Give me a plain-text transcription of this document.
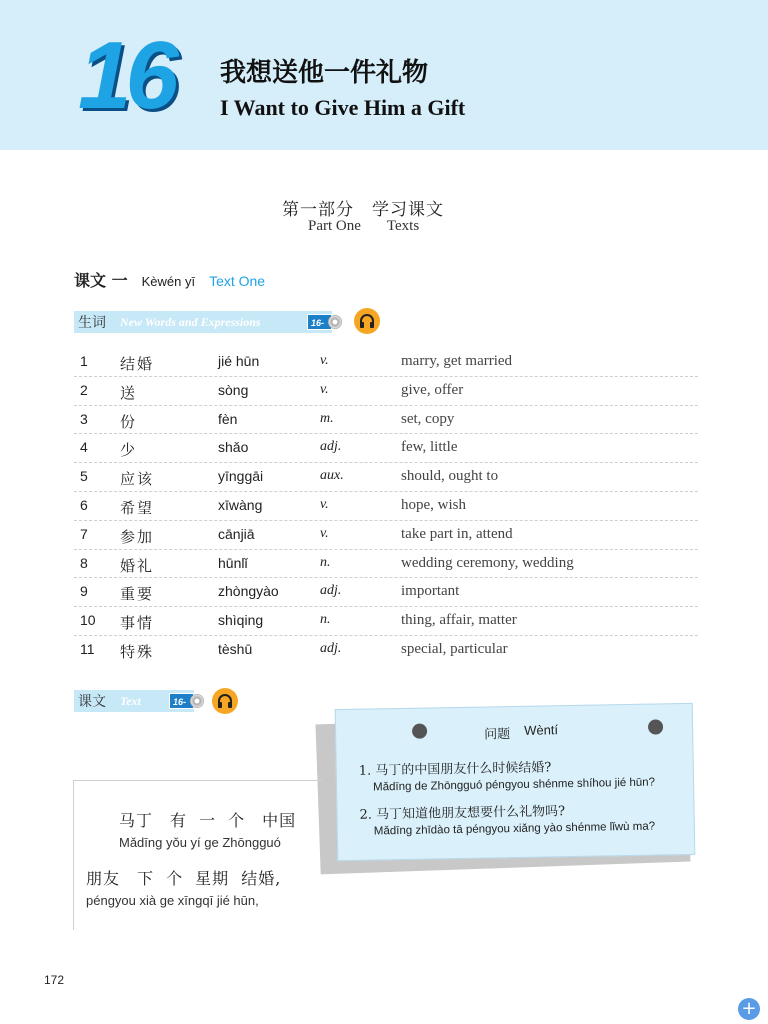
16 我想送他一件礼物
I Want to Give Him a Gift
第一部分　学习课文
Part One Texts
课文 一 Kèwén yī Text One
生词 New Words and Expressions	16-1
1	结婚	jié hūn	v.	marry, get married
2	送	sòng	v.	give, offer
3	份	fèn	m.	set, copy
4	少	shǎo	adj.	few, little
5	应该	yīnggāi	aux.	should, ought to
6	希望	xīwàng	v.	hope, wish
7	参加	cānjiā	v.	take part in, attend
8	婚礼	hūnlǐ	n.	wedding ceremony, wedding
9	重要	zhòngyào	adj.	important
10	事情	shìqing	n.	thing, affair, matter
11	特殊	tèshū	adj.	special, particular
课文 Text	16-2
问题 Wèntí
1. 马丁的中国朋友什么时候结婚?
Mǎdīng de Zhōngguó péngyou shénme shíhou jié hūn?
2. 马丁知道他朋友想要什么礼物吗?
Mǎdīng zhīdào tā péngyou xiǎng yào shénme lǐwù ma?
马丁　有 一 个　中国
Mǎdīng yǒu yí ge Zhōngguó
朋友　下 个 星期 结婚,
péngyou xià ge xīngqī jié hūn,
172
+
